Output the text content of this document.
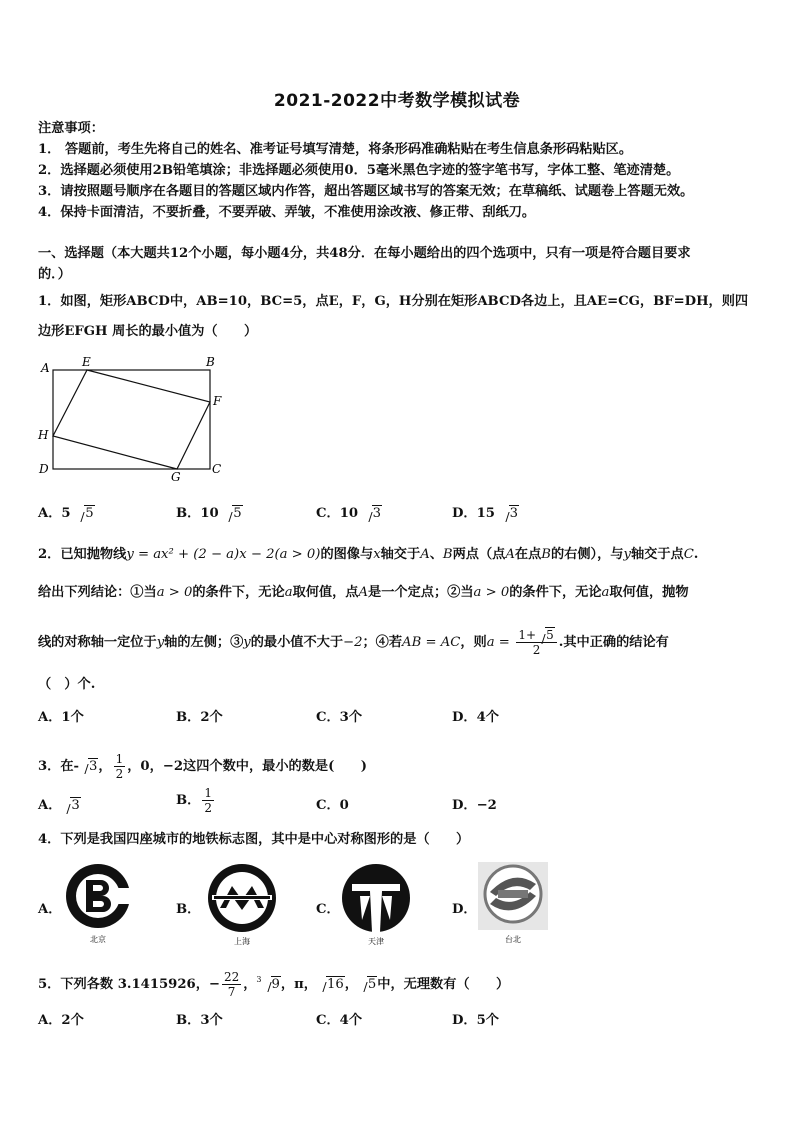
2021-2022中考数学模拟试卷
注意事项：
1． 答题前，考生先将自己的姓名、准考证号填写清楚，将条形码准确粘贴在考生信息条形码粘贴区。
2．选择题必须使用2B铅笔填涂；非选择题必须使用0．5毫米黑色字迹的签字笔书写，字体工整、笔迹清楚。
3．请按照题号顺序在各题目的答题区域内作答，超出答题区域书写的答案无效；在草稿纸、试题卷上答题无效。
4．保持卡面清洁，不要折叠，不要弄破、弄皱，不准使用涂改液、修正带、刮纸刀。
一、选择题（本大题共12个小题，每小题4分，共48分．在每小题给出的四个选项中，只有一项是符合题目要求
的．）
1．如图，矩形ABCD中，AB=10，BC=5，点E，F，G，H分别在矩形ABCD各边上，且AE=CG，BF=DH，则四
边形EFGH 周长的最小值为（　　）
A	E	B
F
H
D
G
C
A．5 5	B．10 5	C．10 3	D．15 3
2．已知抛物线y = ax² + (2 − a)x − 2(a > 0)的图像与x轴交于A、B两点（点A在点B的右侧），与y轴交于点C.
给出下列结论：①当a > 0的条件下，无论a取何值，点A是一个定点；②当a > 0的条件下，无论a取何值，抛物
线的对称轴一定位于y轴的左侧；③y的最小值不大于−2；④若AB = AC，则$a = \frac{1+ 5}{2}$ .其中正确的结论有
（　）个.
A．1个	B．2个	C．3个	D．4个
3．在- 3， $\frac{1}{2}$ ，0，−2这四个数中，最小的数是(　　)
A． 3	B． $\frac{1}{2}$	C．0	D．−2
4．下列是我国四座城市的地铁标志图，其中是中心对称图形的是（　　）
A．
北京
B．
上海
C．
天津
D．
台北
5．下列各数 3.1415926，− $\frac{22}{7}$ ，$^3$ 9，π， 16， 5中，无理数有（　　）
A．2个	B．3个	C．4个	D．5个
